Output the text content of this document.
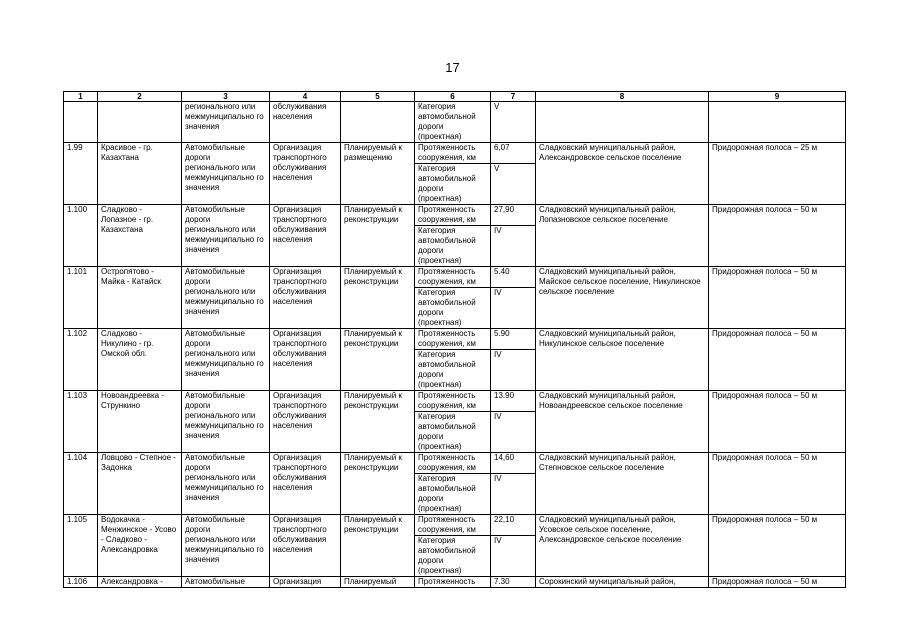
17
1	2	3	4	5	6	7	8	9
		регионального или межмуниципально го значения	обслуживания населения		Категория автомобильной дороги (проектная)	V		
1.99	Красивое - гр. Казахтана	Автомобильные дороги регионального или межмуниципально го значения	Организация транспортного обслуживания населения	Планируемый к размещению	Протяженность сооружения, км	6,07	Сладковский муниципальный район, Александровское сельское поселение	Придорожная полоса – 25 м
					Категория автомобильной дороги (проектная)	V		
1.100	Сладково - Лопазное - гр. Казахстана	Автомобильные дороги регионального или межмуниципально го значения	Организация транспортного обслуживания населения	Планируемый к реконструкции	Протяженность сооружения, км	27,90	Сладковский муниципальный район, Лопазновское сельское поселение	Придорожная полоса – 50 м
					Категория автомобильной дороги (проектная)	IV		
1.101	Остропятово - Майка - Катайск	Автомобильные дороги регионального или межмуниципально го значения	Организация транспортного обслуживания населения	Планируемый к реконструкции	Протяженность сооружения, км	5.40	Сладковский муниципальный район, Майское сельское поселение, Никулинское сельское поселение	Придорожная полоса – 50 м
					Категория автомобильной дороги (проектная)	IV		
1.102	Сладково - Никулино - гр. Омской обл.	Автомобильные дороги регионального или межмуниципально го значения	Организация транспортного обслуживания населения	Планируемый к реконструкции	Протяженность сооружения, км	5.90	Сладковский муниципальный район, Никулинское сельское поселение	Придорожная полоса – 50 м
					Категория автомобильной дороги (проектная)	IV		
1.103	Новоандреевка - Стрункино	Автомобильные дороги регионального или межмуниципально го значения	Организация транспортного обслуживания населения	Планируемый к реконструкции	Протяженность сооружения, км	13.90	Сладковский муниципальный район, Новоандреевское сельское поселение	Придорожная полоса – 50 м
					Категория автомобильной дороги (проектная)	IV		
1.104	Ловцово - Степное - Задонка	Автомобильные дороги регионального или межмуниципально го значения	Организация транспортного обслуживания населения	Планируемый к реконструкции	Протяженность сооружения, км	14,60	Сладковский муниципальный район, Степновское сельское поселение	Придорожная полоса – 50 м
					Категория автомобильной дороги (проектная)	IV		
1.105	Водокачка - Менжинское - Усово - Сладково - Александровка	Автомобильные дороги регионального или межмуниципально го значения	Организация транспортного обслуживания населения	Планируемый к реконструкции	Протяженность сооружения, км	22,10	Сладковский муниципальный район, Усовское сельское поселение, Александровское сельское поселение	Придорожная полоса – 50 м
					Категория автомобильной дороги (проектная)	IV		
1.106	Александровка -	Автомобильные	Организация	Планируемый	Протяженность	7.30	Сорокинский муниципальный район,	Придорожная полоса – 50 м
